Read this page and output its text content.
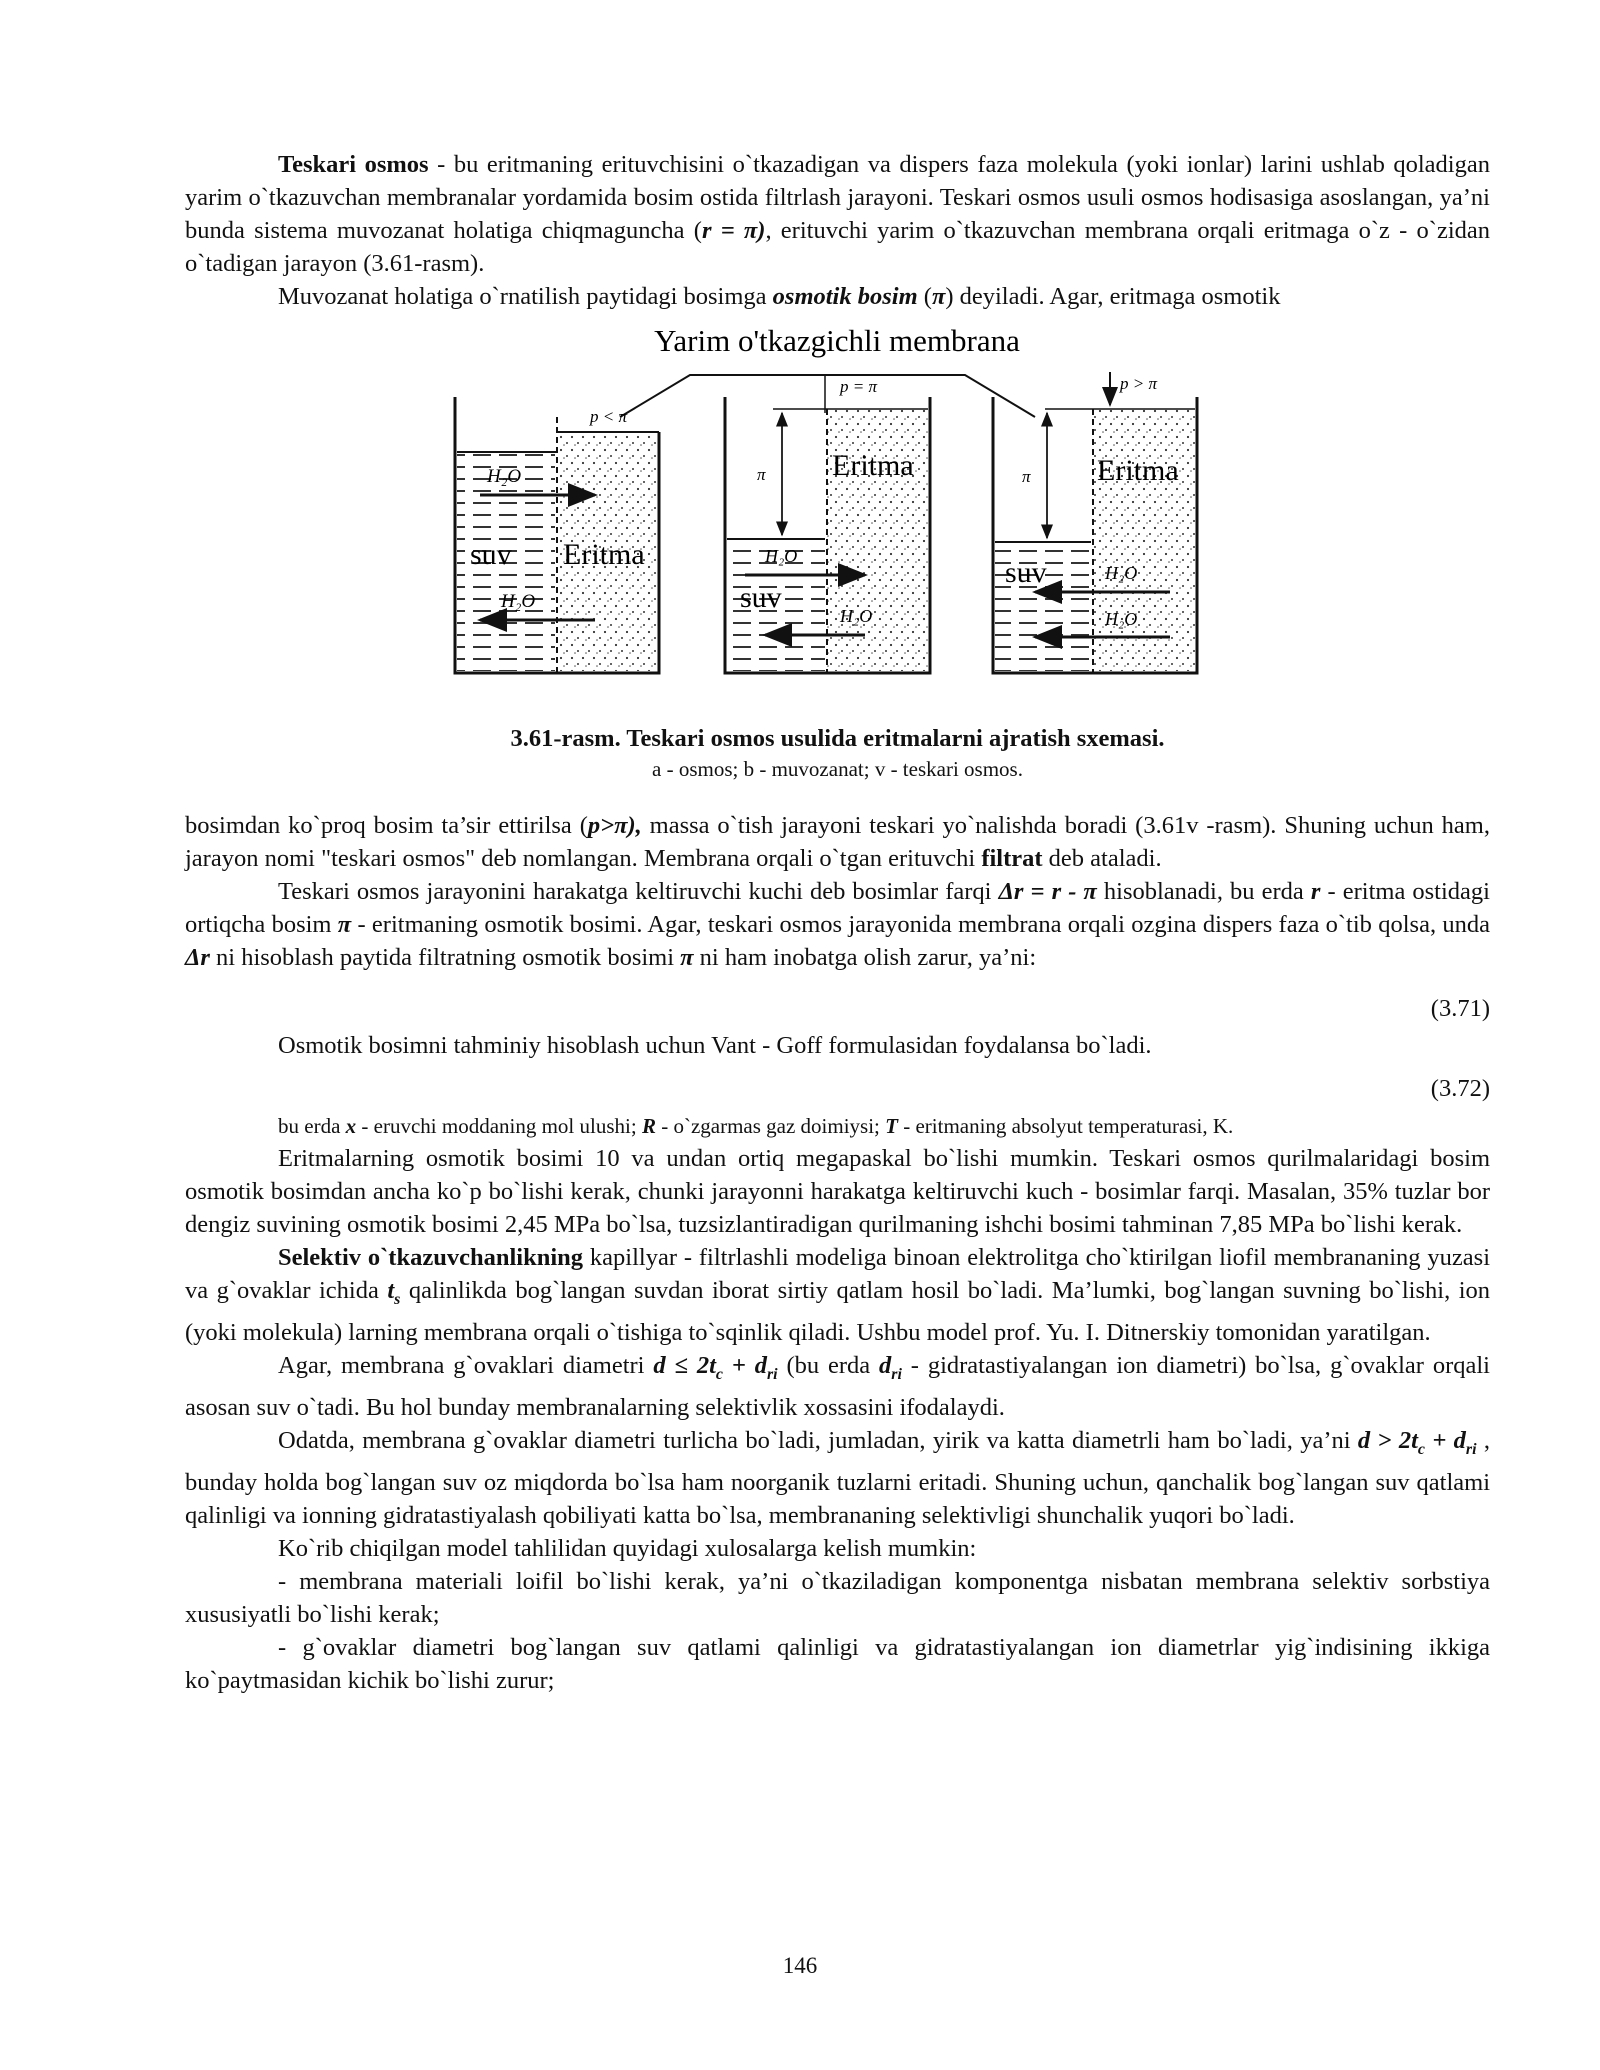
Teskari osmos - bu eritmaning erituvchisini o`tkazadigan va dispers faza molekula (yoki ionlar) larini ushlab qoladigan yarim o`tkazuvchan membranalar yordamida bosim ostida filtrlash jarayoni. Teskari osmos usuli osmos hodisasiga asoslangan, ya’ni bunda sistema muvozanat holatiga chiqmaguncha (r = π), erituvchi yarim o`tkazuvchan membrana orqali eritmaga o`z - o`zidan o`tadigan jarayon (3.61-rasm).

Muvozanat holatiga o`rnatilish paytidagi bosimga osmotik bosim (π) deyiladi. Agar, eritmaga osmotik

Yarim o'tkazgichli membrana
p < π
H₂O
suv Eritma
H₂O
π
p = π
Eritma
H₂O
suv
H₂O
π
p > π
Eritma
suv	H₂O
H₂O

3.61-rasm. Teskari osmos usulida eritmalarni ajratish sxemasi.

a - osmos; b - muvozanat; v - teskari osmos.

bosimdan ko`proq bosim ta’sir ettirilsa (p>π), massa o`tish jarayoni teskari yo`nalishda boradi (3.61v -rasm). Shuning uchun ham, jarayon nomi "teskari osmos" deb nomlangan. Membrana orqali o`tgan erituvchi filtrat deb ataladi.

Teskari osmos jarayonini harakatga keltiruvchi kuchi deb bosimlar farqi Δr = r - π hisoblanadi, bu erda r - eritma ostidagi ortiqcha bosim π - eritmaning osmotik bosimi. Agar, teskari osmos jarayonida membrana orqali ozgina dispers faza o`tib qolsa, unda Δr ni hisoblash paytida filtratning osmotik bosimi π ni ham inobatga olish zarur, ya’ni:

(3.71)

Osmotik bosimni tahminiy hisoblash uchun Vant - Goff formulasidan foydalansa bo`ladi.

(3.72)

bu erda x - eruvchi moddaning mol ulushi; R - o`zgarmas gaz doimiysi; T - eritmaning absolyut temperaturasi, K.

Eritmalarning osmotik bosimi 10 va undan ortiq megapaskal bo`lishi mumkin. Teskari osmos qurilmalaridagi bosim osmotik bosimdan ancha ko`p bo`lishi kerak, chunki jarayonni harakatga keltiruvchi kuch - bosimlar farqi. Masalan, 35% tuzlar bor dengiz suvining osmotik bosimi 2,45 MPa bo`lsa, tuzsizlantiradigan qurilmaning ishchi bosimi tahminan 7,85 MPa bo`lishi kerak.

Selektiv o`tkazuvchanlikning kapillyar - filtrlashli modeliga binoan elektrolitga cho`ktirilgan liofil membrananing yuzasi va g`ovaklar ichida $t_s$ qalinlikda bog`langan suvdan iborat sirtiy qatlam hosil bo`ladi. Ma’lumki, bog`langan suvning bo`lishi, ion (yoki molekula) larning membrana orqali o`tishiga to`sqinlik qiladi. Ushbu model prof. Yu. I. Ditnerskiy tomonidan yaratilgan.

Agar, membrana g`ovaklari diametri $d \le 2t_c + d_{ri}$ (bu erda $d_{ri}$ - gidratastiyalangan ion diametri) bo`lsa, g`ovaklar orqali asosan suv o`tadi. Bu hol bunday membranalarning selektivlik xossasini ifodalaydi.

Odatda, membrana g`ovaklar diametri turlicha bo`ladi, jumladan, yirik va katta diametrli ham bo`ladi, ya’ni $d > 2t_c + d_{ri}$ , bunday holda bog`langan suv oz miqdorda bo`lsa ham noorganik tuzlarni eritadi. Shuning uchun, qanchalik bog`langan suv qatlami qalinligi va ionning gidratastiyalash qobiliyati katta bo`lsa, membrananing selektivligi shunchalik yuqori bo`ladi.

Ko`rib chiqilgan model tahlilidan quyidagi xulosalarga kelish mumkin:

- membrana materiali loifil bo`lishi kerak, ya’ni o`tkaziladigan komponentga nisbatan membrana selektiv sorbstiya xususiyatli bo`lishi kerak;

- g`ovaklar diametri bog`langan suv qatlami qalinligi va gidratastiyalangan ion diametrlar yig`indisining ikkiga ko`paytmasidan kichik bo`lishi zurur;

146
